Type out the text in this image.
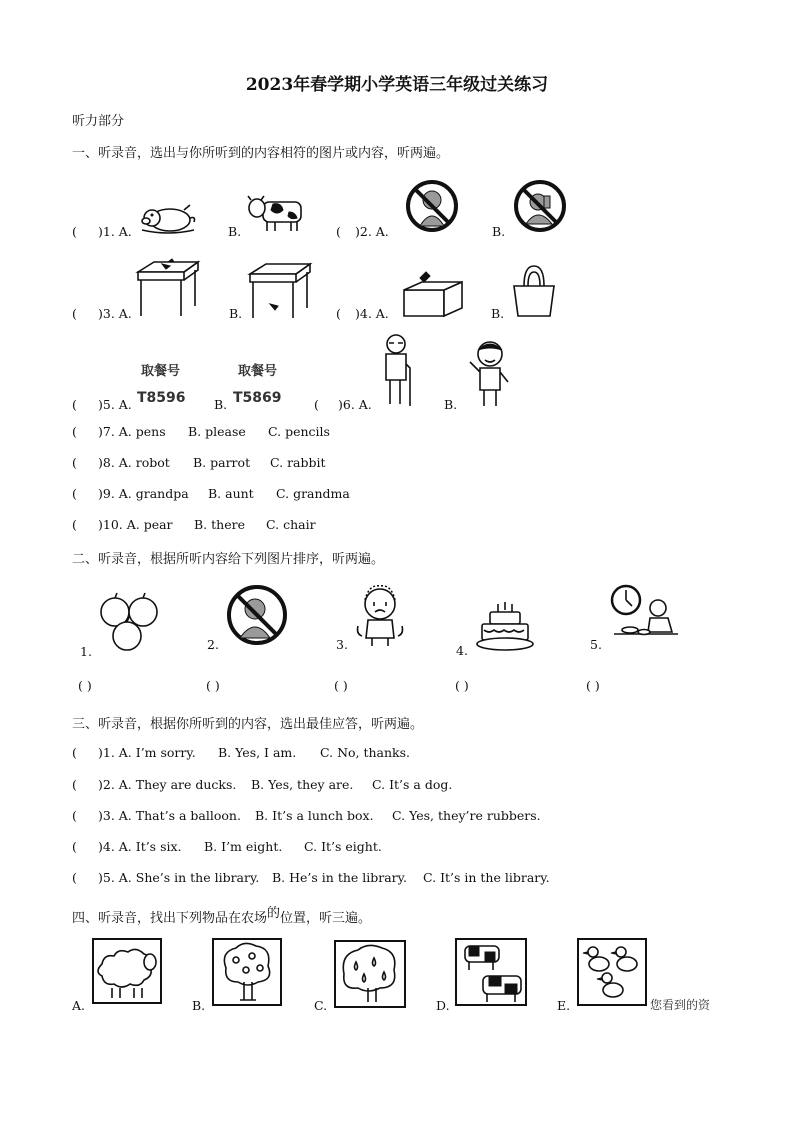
2023年春学期小学英语三年级过关练习
听力部分
一、听录音，选出与你所听到的内容相符的图片或内容，听两遍。
( )1. A.	B.	( )2. A.	B.
( )3. A.	B.	( )4. A.	B.
取餐号
T8596
取餐号
T5869
( )5. A.	B.	( )6. A.	B.
( )7. A. pens B. please C. pencils
( )8. A. robot B. parrot C. rabbit
( )9. A. grandpa B. aunt C. grandma
( )10. A. pear B. there C. chair
二、听录音，根据所听内容给下列图片排序，听两遍。
1.	2.	3.	4.	5.
( )	( )	( )	( )	( )
三、听录音，根据你所听到的内容，选出最佳应答，听两遍。
( )1. A. I’m sorry. B. Yes, I am. C. No, thanks.
( )2. A. They are ducks. B. Yes, they are. C. It’s a dog.
( )3. A. That’s a balloon. B. It’s a lunch box. C. Yes, they’re rubbers.
( )4. A. It’s six. B. I’m eight. C. It’s eight.
( )5. A. She’s in the library. B. He’s in the library. C. It’s in the library.
四、听录音，找出下列物品在农场的位置，听三遍。
A.	B.	C.	D.	E.	您看到的资
